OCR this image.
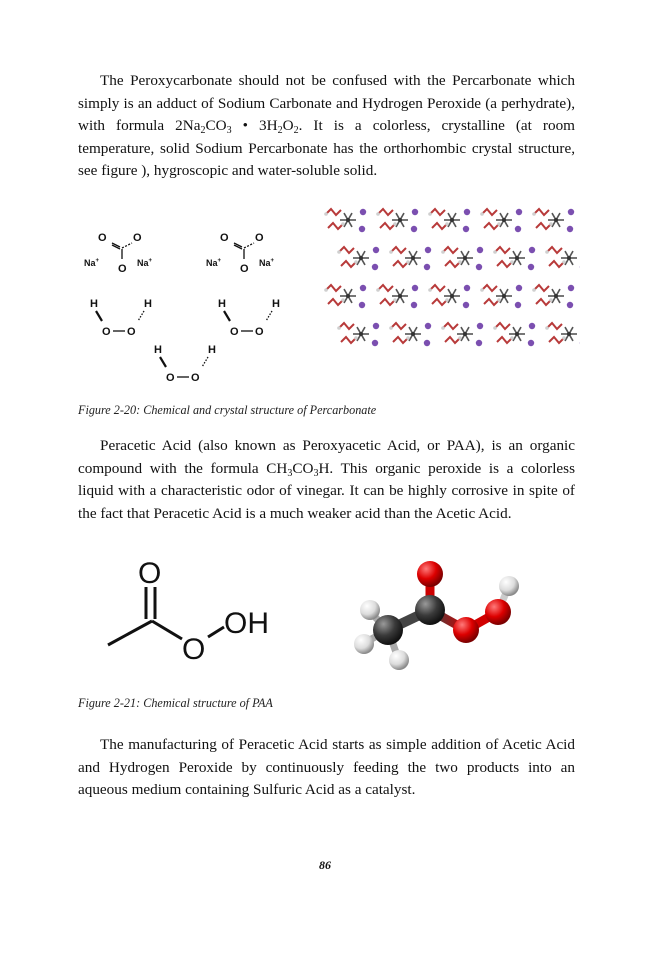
The Peroxycarbonate should not be confused with the Percarbonate which simply is an adduct of Sodium Carbonate and Hydrogen Peroxide (a perhydrate), with formula $2Na_2CO_3$ • $3H_2O_2$. It is a colorless, crystalline (at room temperature, solid Sodium Percarbonate has the orthorhombic crystal structure, see figure ), hygroscopic and water-soluble solid.

O O
O
Na+	Na+
O O
O
Na+	Na+
H	H
O O
H	H
O O
H	H
O O

Figure 2-20: Chemical and crystal structure of Percarbonate

Peracetic Acid (also known as Peroxyacetic Acid, or PAA), is an organic compound with the formula $CH_3CO_3H$. This organic peroxide is a colorless liquid with a characteristic odor of vinegar. It can be highly corrosive in spite of the fact that Peracetic Acid is a much weaker acid than the Acetic Acid.

O
O
OH

Figure 2-21: Chemical structure of PAA

The manufacturing of Peracetic Acid starts as simple addition of Acetic Acid and Hydrogen Peroxide by continuously feeding the two products into an aqueous medium containing Sulfuric Acid as a catalyst.

86
